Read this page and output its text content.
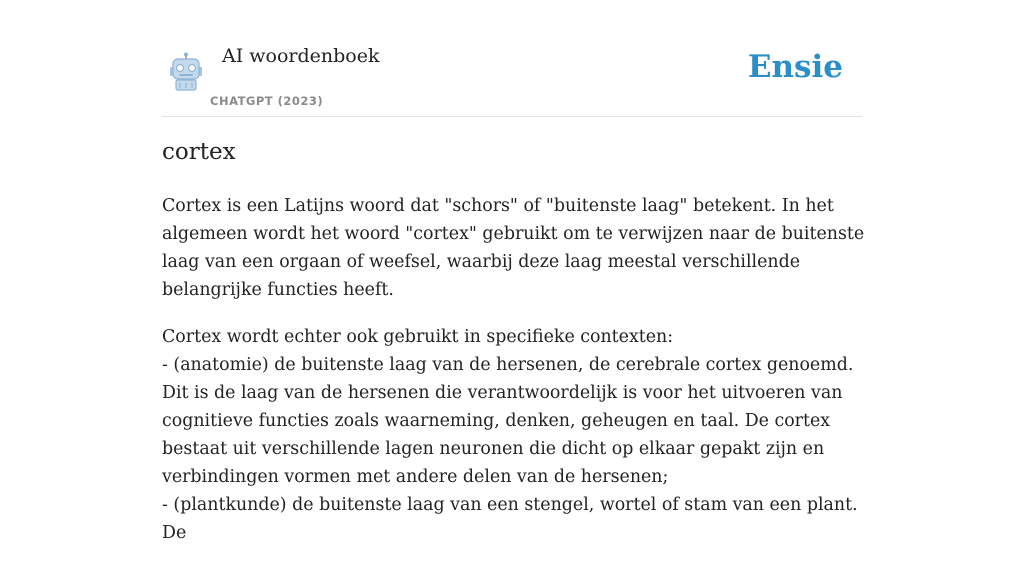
AI woordenboek
CHATGPT (2023)
Ensie
cortex

Cortex is een Latijns woord dat "schors" of "buitenste laag" betekent. In het algemeen wordt het woord "cortex" gebruikt om te verwijzen naar de buitenste laag van een orgaan of weefsel, waarbij deze laag meestal verschillende belangrijke functies heeft.

Cortex wordt echter ook gebruikt in specifieke contexten:
- (anatomie) de buitenste laag van de hersenen, de cerebrale cortex genoemd. Dit is de laag van de hersenen die verantwoordelijk is voor het uitvoeren van cognitieve functies zoals waarneming, denken, geheugen en taal. De cortex bestaat uit verschillende lagen neuronen die dicht op elkaar gepakt zijn en verbindingen vormen met andere delen van de hersenen;
- (plantkunde) de buitenste laag van een stengel, wortel of stam van een plant. De
